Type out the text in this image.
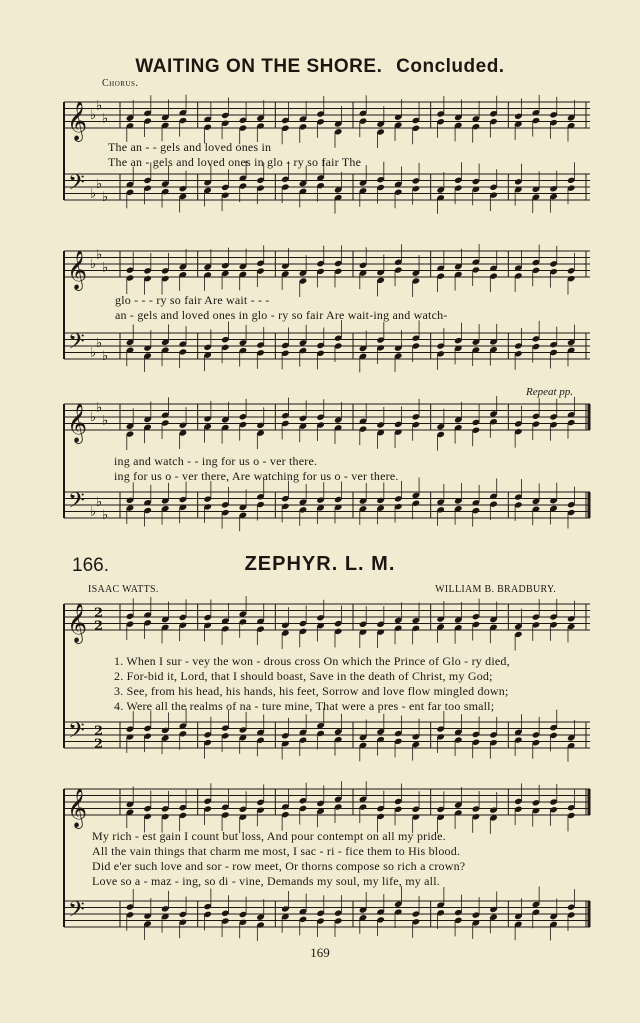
WAITING ON THE SHORE. Concluded.
Chorus.
𝄞
𝄢
♭
♭
♭
♭
♭
♭
The an - - gels and loved ones in
The an - gels and loved ones in glo - ry so fair The
𝄞
𝄢
♭
♭
♭
♭
♭
♭
glo - - - ry so fair Are wait - - -
an - gels and loved ones in glo - ry so fair Are wait-ing and watch-
Repeat pp.
𝄞
𝄢
♭
♭
♭
♭
♭
♭
ing and watch - - ing for us o - ver there.
ing for us o - ver there, Are watching for us o - ver there.
166.	ZEPHYR. L. M.
ISAAC WATTS.	WILLIAM B. BRADBURY.
𝄞
𝄢
2
2
2
2
1. When I sur - vey the won - drous cross On which the Prince of Glo - ry died,
2. For-bid it, Lord, that I should boast, Save in the death of Christ, my God;
3. See, from his head, his hands, his feet, Sorrow and love flow mingled down;
4. Were all the realms of na - ture mine, That were a pres - ent far too small;
𝄞
𝄢
My rich - est gain I count but loss, And pour contempt on all my pride.
All the vain things that charm me most, I sac - ri - fice them to His blood.
Did e'er such love and sor - row meet, Or thorns compose so rich a crown?
Love so a - maz - ing, so di - vine, Demands my soul, my life, my all.
169
